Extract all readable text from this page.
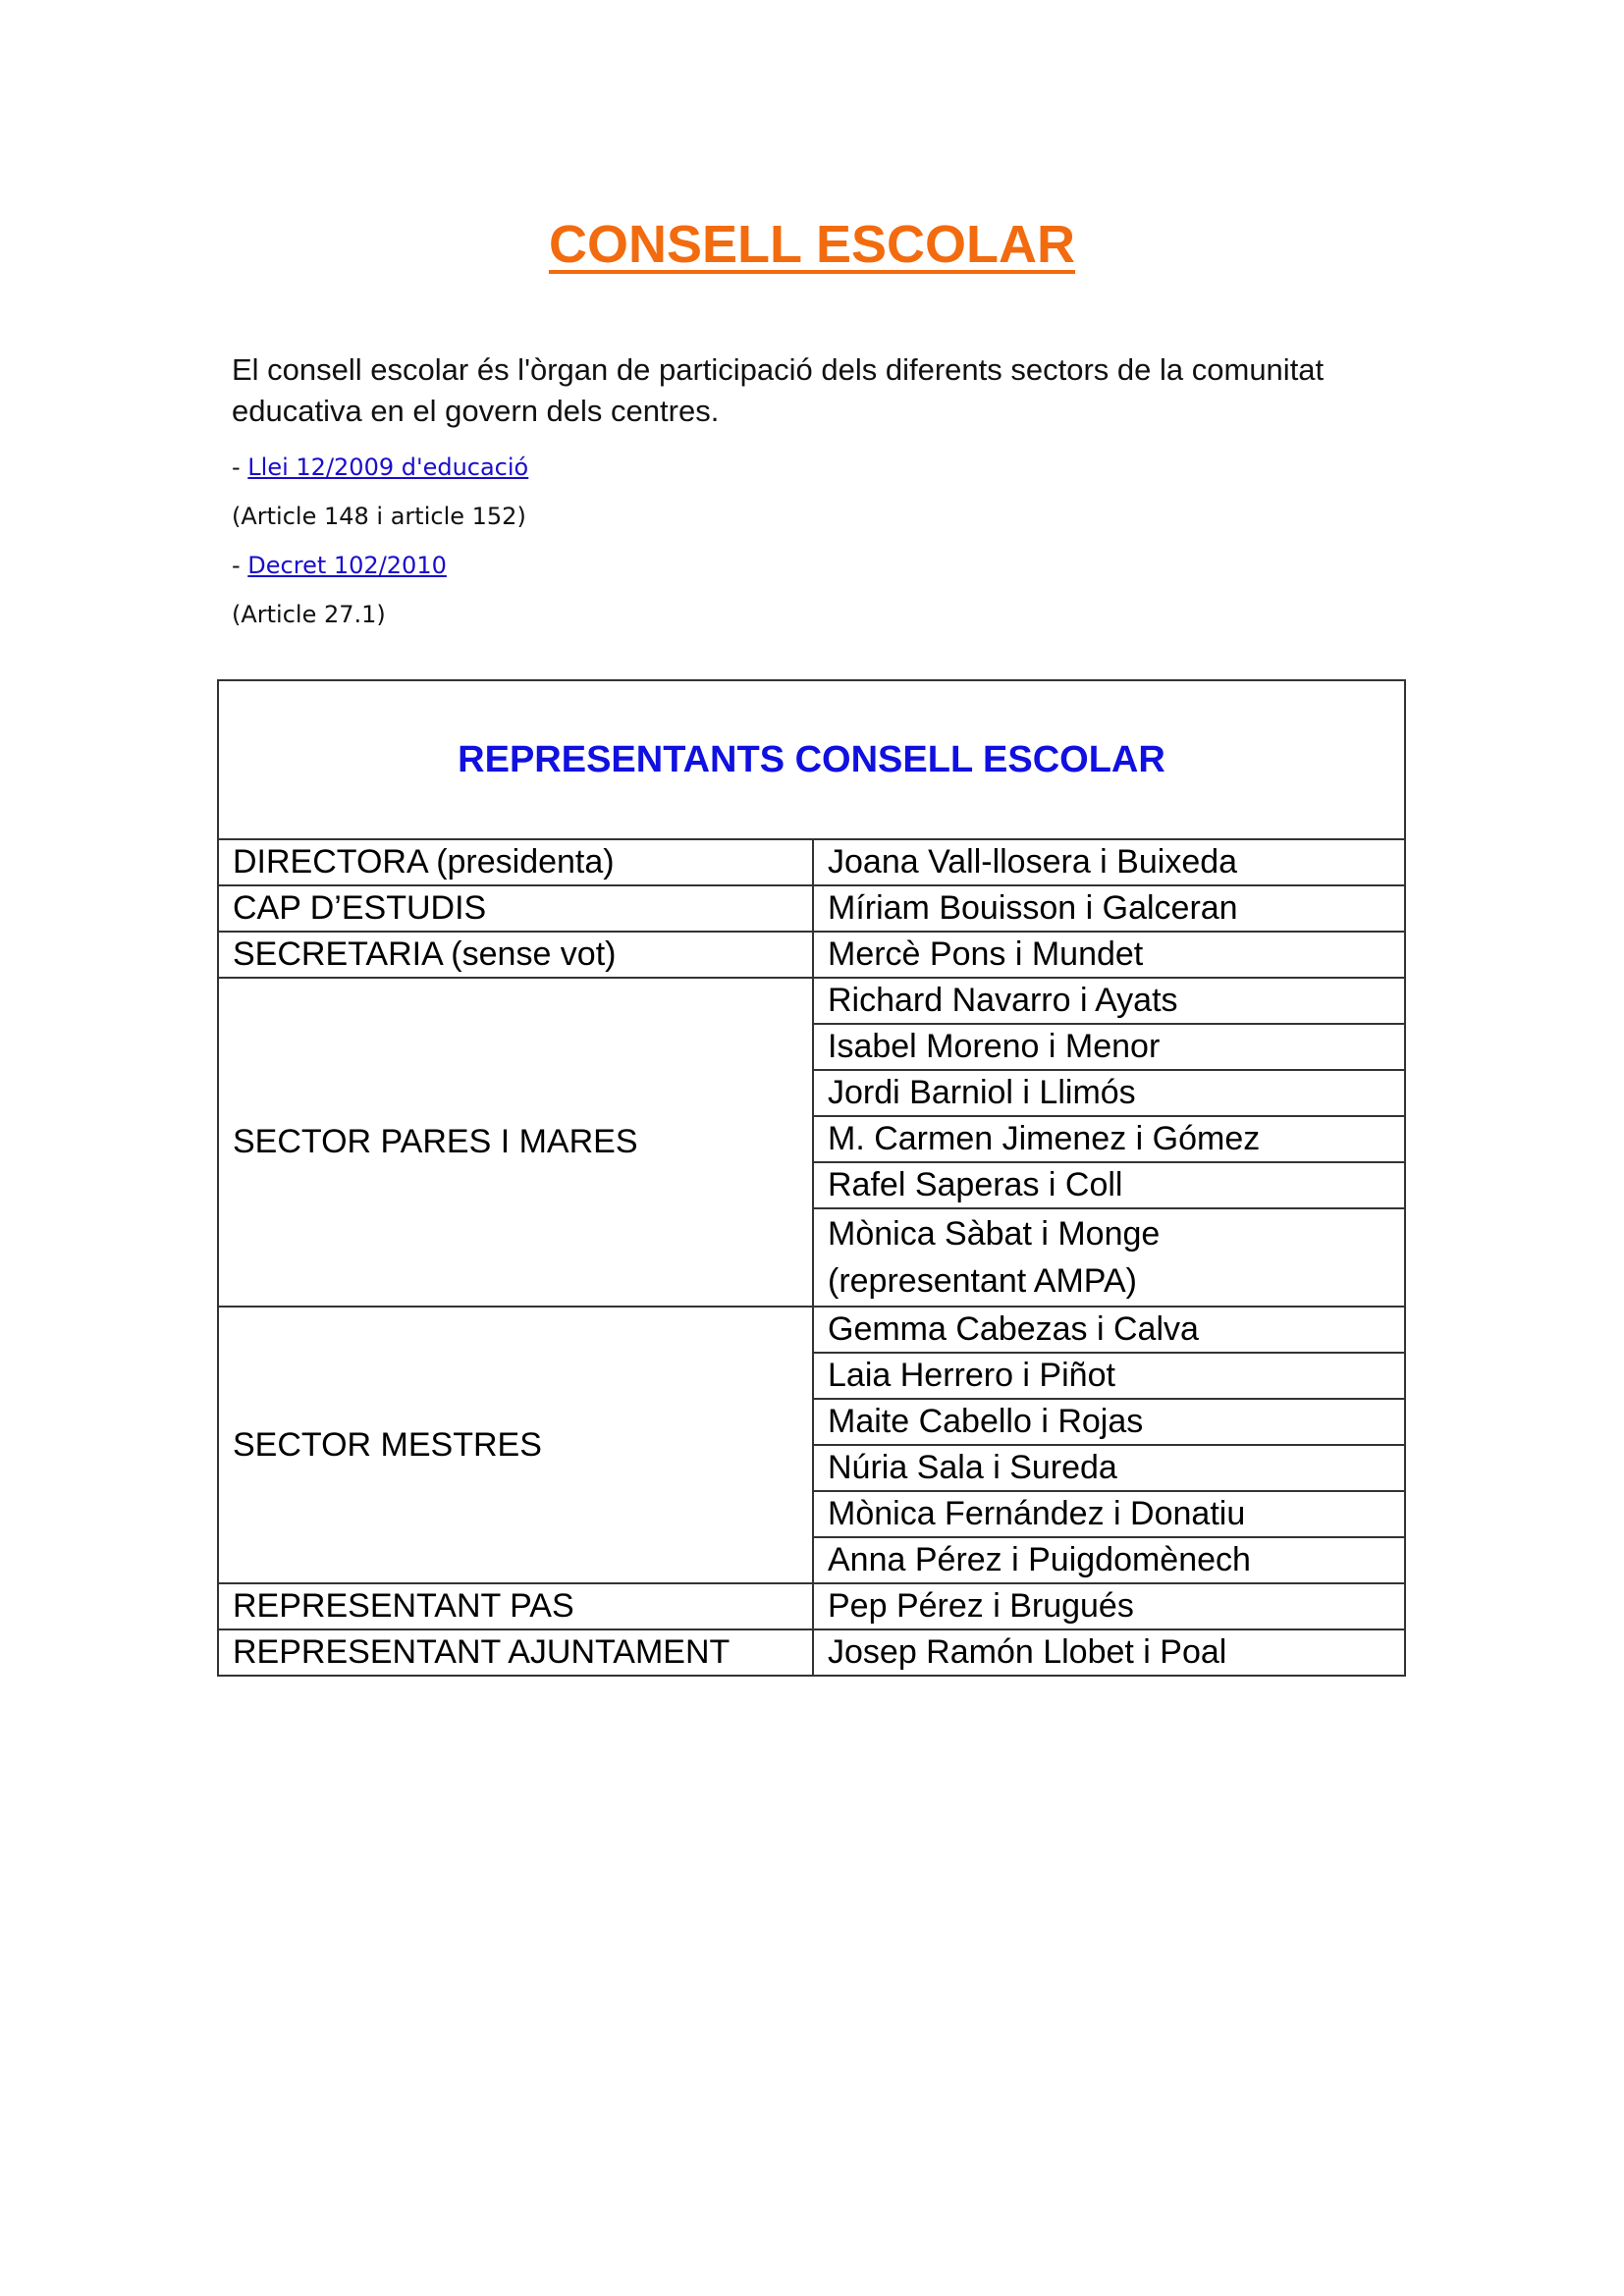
CONSELL ESCOLAR
El consell escolar és l'òrgan de participació dels diferents sectors de la comunitat educativa en el govern dels centres.
- Llei 12/2009 d'educació
(Article 148 i article 152)
- Decret 102/2010
(Article 27.1)
REPRESENTANTS CONSELL ESCOLAR	
DIRECTORA (presidenta)	Joana Vall-llosera i Buixeda
CAP D’ESTUDIS	Míriam Bouisson i Galceran
SECRETARIA (sense vot)	Mercè Pons i Mundet
SECTOR PARES I MARES	Richard Navarro i Ayats
	Isabel Moreno i Menor
	Jordi Barniol i Llimós
	M. Carmen Jimenez i Gómez
	Rafel Saperas i Coll
	Mònica Sàbat i Monge
(representant AMPA)
SECTOR MESTRES	Gemma Cabezas i Calva
	Laia Herrero i Piñot
	Maite Cabello i Rojas
	Núria Sala i Sureda
	Mònica Fernández i Donatiu
	Anna Pérez i Puigdomènech
REPRESENTANT PAS	Pep Pérez i Brugués
REPRESENTANT AJUNTAMENT	Josep Ramón Llobet i Poal
